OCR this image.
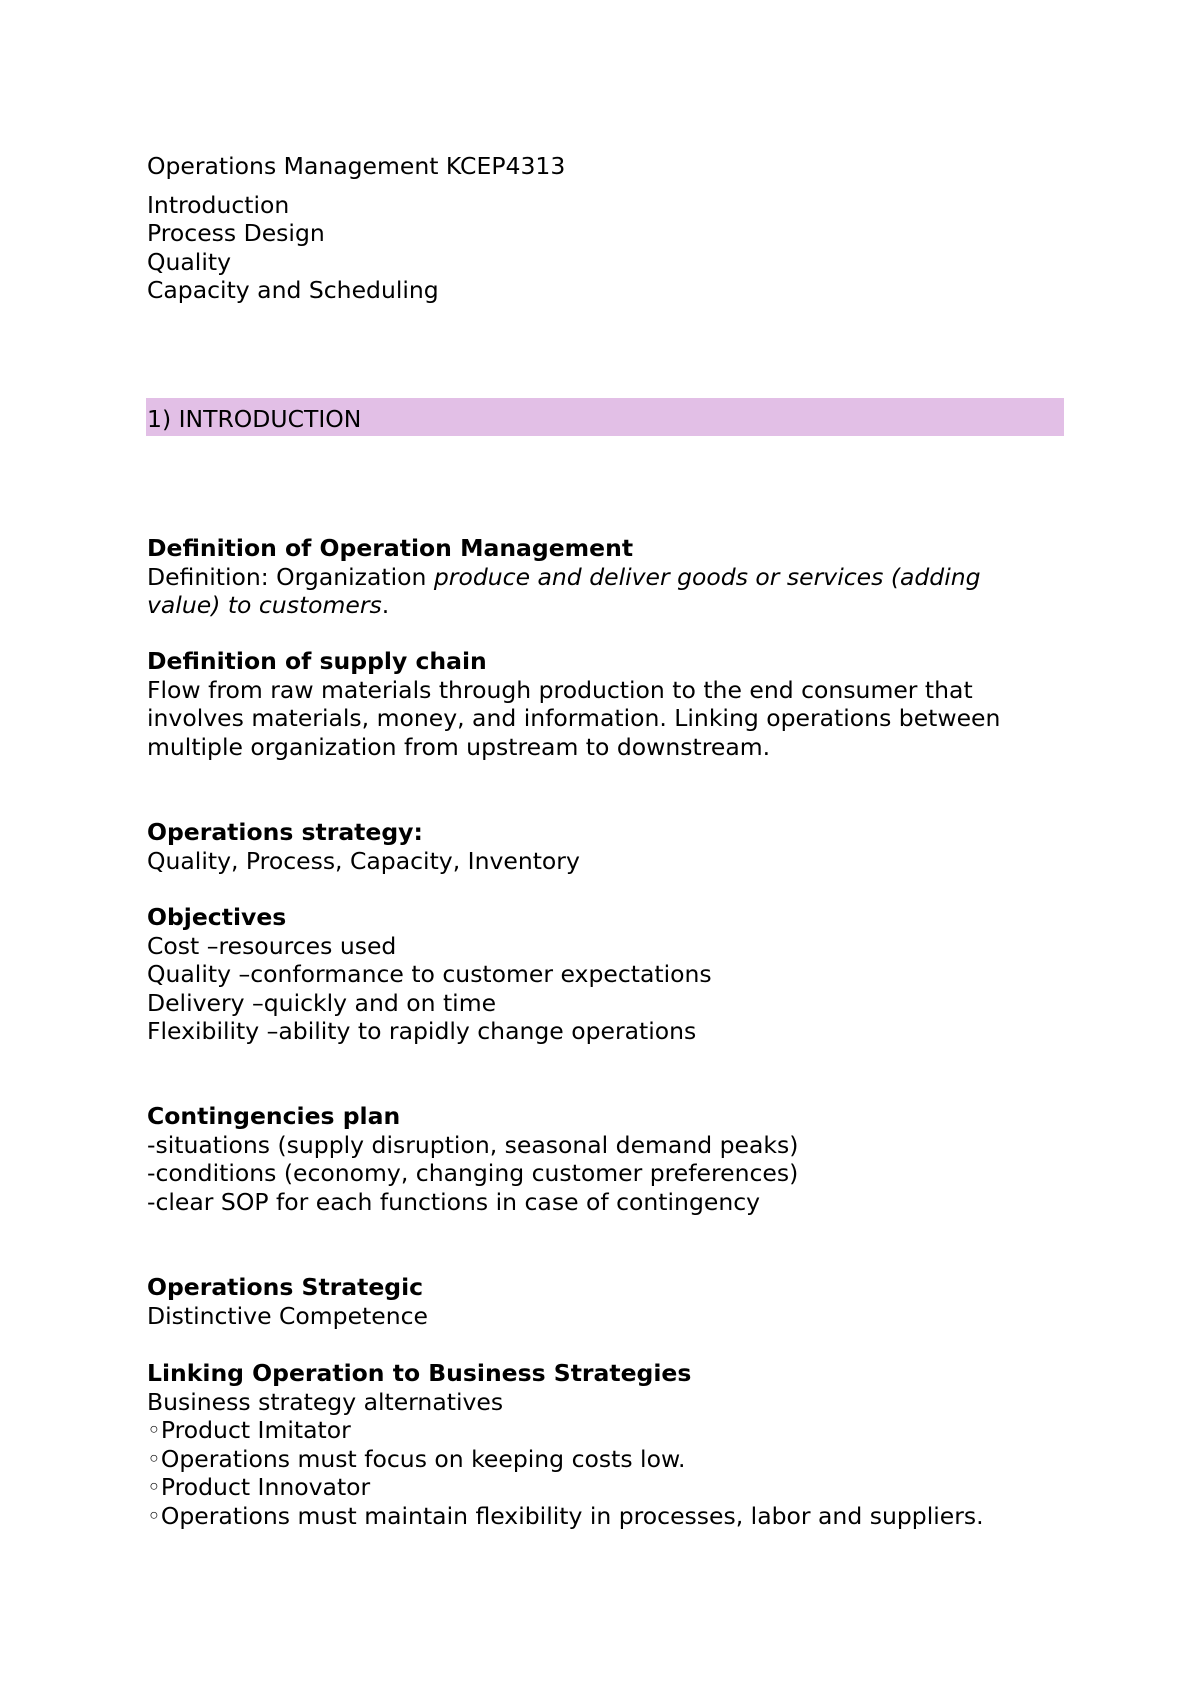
Operations Management KCEP4313
Introduction
Process Design
Quality
Capacity and Scheduling
1) INTRODUCTION
Definition of Operation Management
Definition: Organization produce and deliver goods or services (adding
value) to customers.
Definition of supply chain
Flow from raw materials through production to the end consumer that
involves materials, money, and information. Linking operations between
multiple organization from upstream to downstream.
Operations strategy:
Quality, Process, Capacity, Inventory
Objectives
Cost –resources used
Quality –conformance to customer expectations
Delivery –quickly and on time
Flexibility –ability to rapidly change operations
Contingencies plan
-situations (supply disruption, seasonal demand peaks)
-conditions (economy, changing customer preferences)
-clear SOP for each functions in case of contingency
Operations Strategic
Distinctive Competence
Linking Operation to Business Strategies
Business strategy alternatives
◦Product Imitator
◦Operations must focus on keeping costs low.
◦Product Innovator
◦Operations must maintain flexibility in processes, labor and suppliers.
